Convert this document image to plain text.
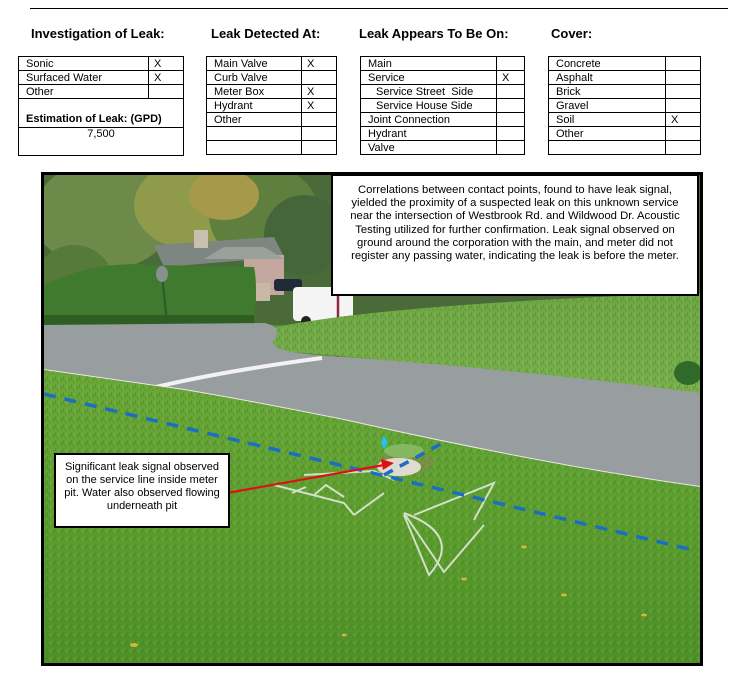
Investigation of Leak:	Leak Detected At:	Leak Appears To Be On:	Cover:
Sonic	X
Surfaced Water	X
Other	
Estimation of Leak: (GPD)
7,500
Main Valve	X
Curb Valve	
Meter Box	X
Hydrant	X
Other	

Main	
Service	X
Service Street  Side	
Service House Side	
Joint Connection	
Hydrant	
Valve	
Concrete	
Asphalt	
Brick	
Gravel	
Soil	X
Other	

Correlations between contact points, found to have leak signal, yielded the proximity of a suspected leak on this unknown service near the intersection of Westbrook Rd. and Wildwood Dr. Acoustic Testing utilized for further confirmation. Leak signal observed on ground around the corporation with the main, and meter did not register any passing water, indicating the leak is before the meter.
Significant leak signal observed on the service line inside meter pit. Water also observed flowing underneath pit
